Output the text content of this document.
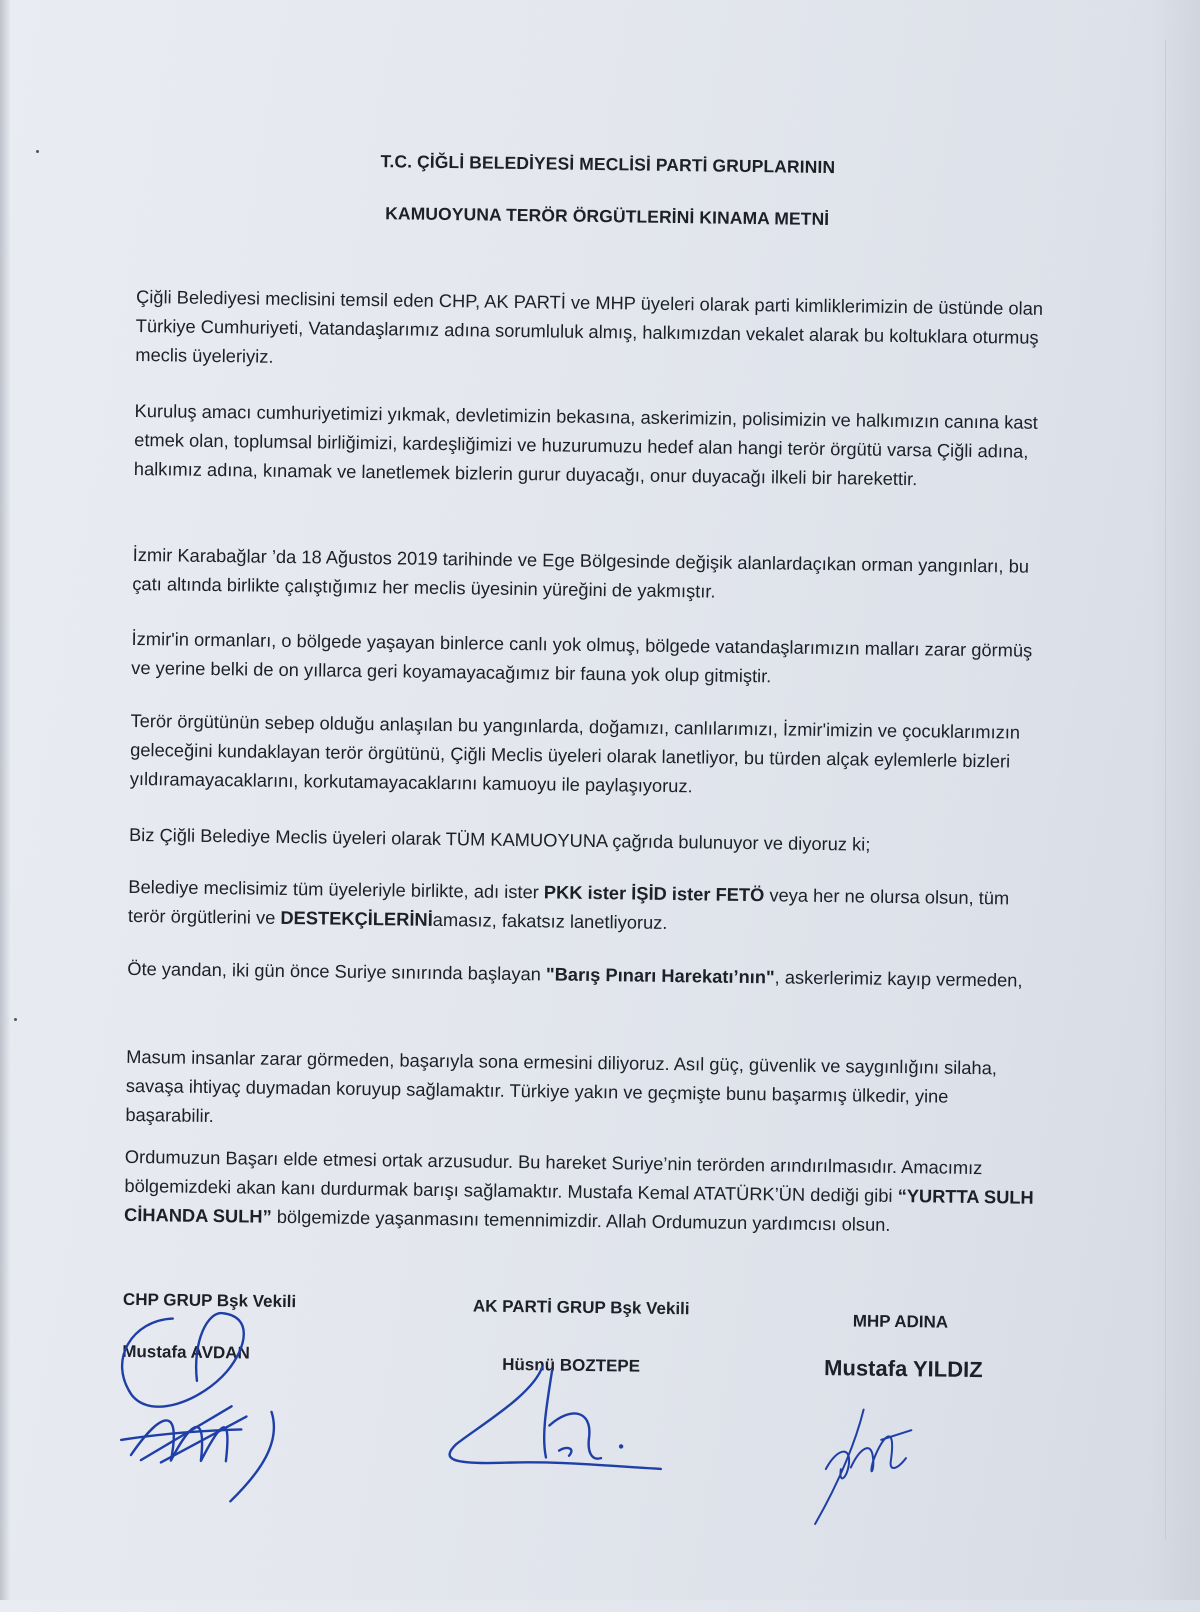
T.C. ÇİĞLİ BELEDİYESİ MECLİSİ PARTİ GRUPLARININ
KAMUOYUNA TERÖR ÖRGÜTLERİNİ KINAMA METNİ

Çiğli Belediyesi meclisini temsil eden CHP, AK PARTİ ve MHP üyeleri olarak parti kimliklerimizin de üstünde olan Türkiye Cumhuriyeti, Vatandaşlarımız adına sorumluluk almış, halkımızdan vekalet alarak bu koltuklara oturmuş meclis üyeleriyiz.

Kuruluş amacı cumhuriyetimizi yıkmak, devletimizin bekasına, askerimizin, polisimizin ve halkımızın canına kast etmek olan, toplumsal birliğimizi, kardeşliğimizi ve huzurumuzu hedef alan hangi terör örgütü varsa Çiğli adına, halkımız adına, kınamak ve lanetlemek bizlerin gurur duyacağı, onur duyacağı ilkeli bir harekettir.

İzmir Karabağlar ’da 18 Ağustos 2019 tarihinde ve Ege Bölgesinde değişik alanlardaçıkan orman yangınları, bu çatı altında birlikte çalıştığımız her meclis üyesinin yüreğini de yakmıştır.

İzmir'in ormanları, o bölgede yaşayan binlerce canlı yok olmuş, bölgede vatandaşlarımızın malları zarar görmüş ve yerine belki de on yıllarca geri koyamayacağımız bir fauna yok olup gitmiştir.

Terör örgütünün sebep olduğu anlaşılan bu yangınlarda, doğamızı, canlılarımızı, İzmir'imizin ve çocuklarımızın geleceğini kundaklayan terör örgütünü, Çiğli Meclis üyeleri olarak lanetliyor, bu türden alçak eylemlerle bizleri yıldıramayacaklarını, korkutamayacaklarını kamuoyu ile paylaşıyoruz.

Biz Çiğli Belediye Meclis üyeleri olarak TÜM KAMUOYUNA çağrıda bulunuyor ve diyoruz ki;

Belediye meclisimiz tüm üyeleriyle birlikte, adı ister PKK ister İŞİD ister FETÖ veya her ne olursa olsun, tüm terör örgütlerini ve DESTEKÇİLERİNİamasız, fakatsız lanetliyoruz.

Öte yandan, iki gün önce Suriye sınırında başlayan "Barış Pınarı Harekatı’nın", askerlerimiz kayıp vermeden,

Masum insanlar zarar görmeden, başarıyla sona ermesini diliyoruz. Asıl güç, güvenlik ve saygınlığını silaha, savaşa ihtiyaç duymadan koruyup sağlamaktır. Türkiye yakın ve geçmişte bunu başarmış ülkedir, yine başarabilir.

Ordumuzun Başarı elde etmesi ortak arzusudur. Bu hareket Suriye’nin terörden arındırılmasıdır. Amacımız bölgemizdeki akan kanı durdurmak barışı sağlamaktır. Mustafa Kemal ATATÜRK’ÜN dediği gibi “YURTTA SULH CİHANDA SULH” bölgemizde yaşanmasını temennimizdir. Allah Ordumuzun yardımcısı olsun.

CHP GRUP Bşk Vekili
Mustafa AVDAN
AK PARTİ GRUP Bşk Vekili
Hüsnü BOZTEPE
MHP ADINA
Mustafa YILDIZ
